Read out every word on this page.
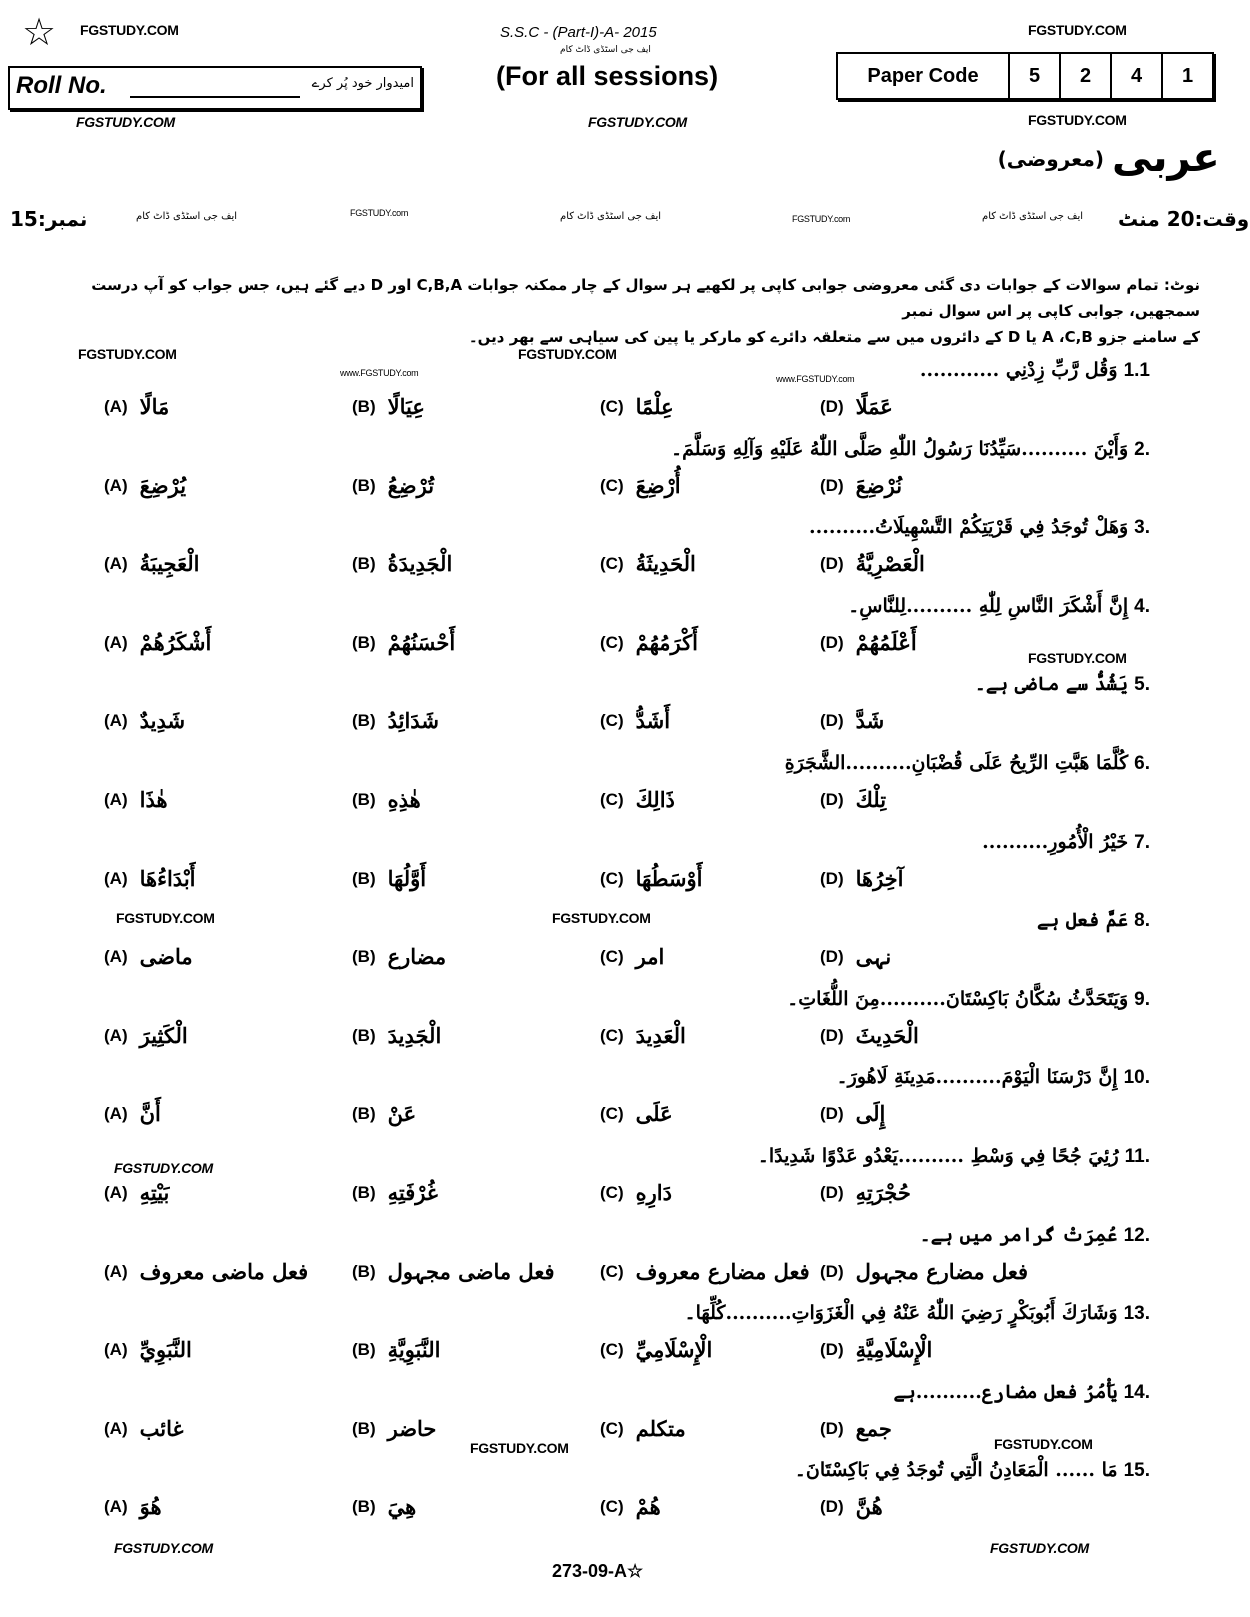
☆ FGSTUDY.COM	FGSTUDY.COM
S.S.C - (Part-I)-A- 2015
ایف جی اسٹڈی ڈاٹ کام
(For all sessions)
Roll No.	امیدوار خود پُر کرے	Paper Code	5	2	4	1
FGSTUDY.COM	FGSTUDY.COM	FGSTUDY.COM
عربی
(معروضی)
وقت:20 منٹ
نمبر:15	FGSTUDY.com
FGSTUDY.com
ایف جی اسٹڈی ڈاٹ کام	ایف جی اسٹڈی ڈاٹ کام
ایف جی اسٹڈی ڈاٹ کام
نوٹ: تمام سوالات کے جوابات دی گئی معروضی جوابی کاپی پر لکھیے ہر سوال کے چار ممکنہ جوابات C,B,A اور D دیے گئے ہیں، جس جواب کو آپ درست سمجھیں، جوابی کاپی پر اس سوال نمبر
کے سامنے جزو A ،C,B یا D کے دائروں میں سے متعلقہ دائرے کو مارکر یا پین کی سیاہی سے بھر دیں۔
FGSTUDY.COM	FGSTUDY.COM
www.FGSTUDY.com
www.FGSTUDY.com	1.1وَقُل رَّبِّ زِدْنِي ............
(A) مَالًا	(B) عِيَالًا	(C) عِلْمًا	(D) عَمَلًا
2.وَأَيْنَ ..........سَيِّدُنَا رَسُولُ اللّٰهِ صَلَّى اللّٰهُ عَلَيْهِ وَآلِهِ وَسَلَّمَ۔
(A) يُرْضِعَ	(B) تُرْضِعُ	(C) أُرْضِعَ	(D) نُرْضِعَ
3.وَهَلْ تُوجَدُ فِي قَرْيَتِكُمْ التَّسْهِيلَاتُ..........
(A) الْعَجِيبَةُ	(B) الْجَدِيدَةُ	(C) الْحَدِيثَةُ	(D) الْعَصْرِيَّةُ
4.إِنَّ أَشْكَرَ النَّاسِ لِلّٰهِ ..........لِلنَّاسِ۔
(A) أَشْكَرُهُمْ	(B) أَحْسَنُهُمْ	(C) أَكْرَمُهُمْ	(D) أَعْلَمُهُمْ
5.يَشُدُّ سے ماضی ہے۔
(A) شَدِيدٌ	(B) شَدَائِدُ	(C) أَشَدُّ	(D) شَدَّ
6.كُلَّمَا هَبَّتِ الرِّيحُ عَلَى قُضْبَانِ..........الشَّجَرَةِ
(A) هٰذَا	(B) هٰذِهِ	(C) ذَالِكَ	(D) تِلْكَ
7.خَيْرُ الْأُمُورِ..........
(A) أَبْدَاءُهَا	(B) أَوَّلُهَا	(C) أَوْسَطُهَا	(D) آخِرُهَا
8.عَمَّ فعل ہے
(A) ماضی	(B) مضارع	(C) امر	(D) نہی
9.وَيَتَحَدَّثُ سُكَّانُ بَاكِسْتَانَ..........مِنَ اللُّغَاتِ۔
(A) الْكَثِيرَ	(B) الْجَدِيدَ	(C) الْعَدِيدَ	(D) الْحَدِيثَ
10.إِنَّ دَرْسَنَا الْيَوْمَ..........مَدِينَةِ لَاهُورَ۔
(A) أَنَّ	(B) عَنْ	(C) عَلَى	(D) إِلَى
11.رُئِيَ جُحًا فِي وَسْطِ ..........يَعْدُو عَدْوًا شَدِيدًا۔
(A) بَيْتِهِ	(B) غُرْفَتِهِ	(C) دَارِهِ	(D) حُجْرَتِهِ
12.عُمِرَتْ گرامر میں ہے۔
(A) فعل ماضی معروف	(B) فعل ماضی مجہول	(C) فعل مضارع معروف (D) فعل مضارع مجہول
13.وَشَارَكَ أَبُوبَكْرٍ رَضِيَ اللّٰهُ عَنْهُ فِي الْغَزَوَاتِ..........كُلِّهَا۔
(A) النَّبَوِيِّ	(B) النَّبَوِيَّةِ	(C) الْإِسْلَامِيِّ	(D) الْإِسْلَامِيَّةِ
14.يَأْمُرُ فعل مضارع..........ہے
(A) غائب	(B) حاضر	(C) متکلم	(D) جمع
15.مَا ...... الْمَعَادِنُ الَّتِي تُوجَدُ فِي بَاكِسْتَانَ۔
(A) هُوَ	(B) هِيَ	(C) هُمْ	(D) هُنَّ
FGSTUDY.COM	FGSTUDY.COM
FGSTUDY.COM
FGSTUDY.COM
FGSTUDY.COM	FGSTUDY.COM
FGSTUDY.COM	FGSTUDY.COM
273-09-A☆
